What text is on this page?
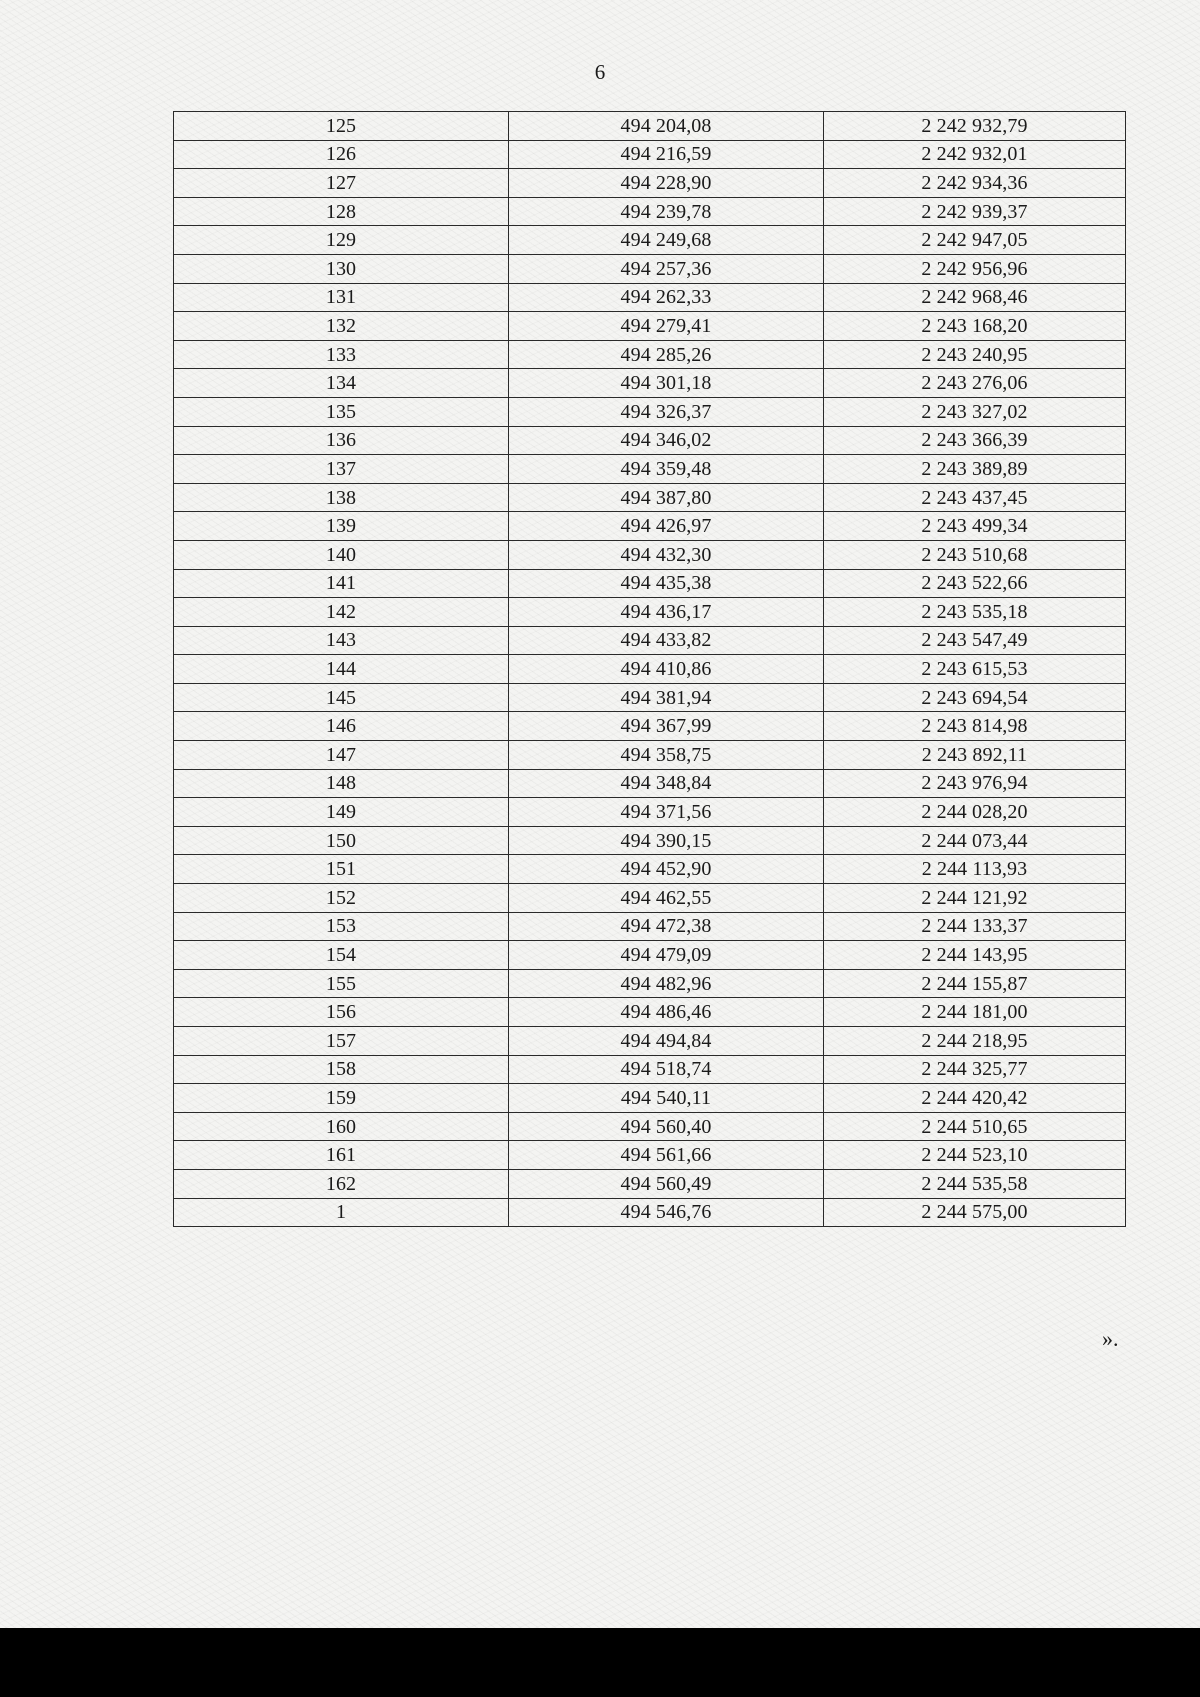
6
125	494 204,08	2 242 932,79
126	494 216,59	2 242 932,01
127	494 228,90	2 242 934,36
128	494 239,78	2 242 939,37
129	494 249,68	2 242 947,05
130	494 257,36	2 242 956,96
131	494 262,33	2 242 968,46
132	494 279,41	2 243 168,20
133	494 285,26	2 243 240,95
134	494 301,18	2 243 276,06
135	494 326,37	2 243 327,02
136	494 346,02	2 243 366,39
137	494 359,48	2 243 389,89
138	494 387,80	2 243 437,45
139	494 426,97	2 243 499,34
140	494 432,30	2 243 510,68
141	494 435,38	2 243 522,66
142	494 436,17	2 243 535,18
143	494 433,82	2 243 547,49
144	494 410,86	2 243 615,53
145	494 381,94	2 243 694,54
146	494 367,99	2 243 814,98
147	494 358,75	2 243 892,11
148	494 348,84	2 243 976,94
149	494 371,56	2 244 028,20
150	494 390,15	2 244 073,44
151	494 452,90	2 244 113,93
152	494 462,55	2 244 121,92
153	494 472,38	2 244 133,37
154	494 479,09	2 244 143,95
155	494 482,96	2 244 155,87
156	494 486,46	2 244 181,00
157	494 494,84	2 244 218,95
158	494 518,74	2 244 325,77
159	494 540,11	2 244 420,42
160	494 560,40	2 244 510,65
161	494 561,66	2 244 523,10
162	494 560,49	2 244 535,58
1	494 546,76	2 244 575,00
».
